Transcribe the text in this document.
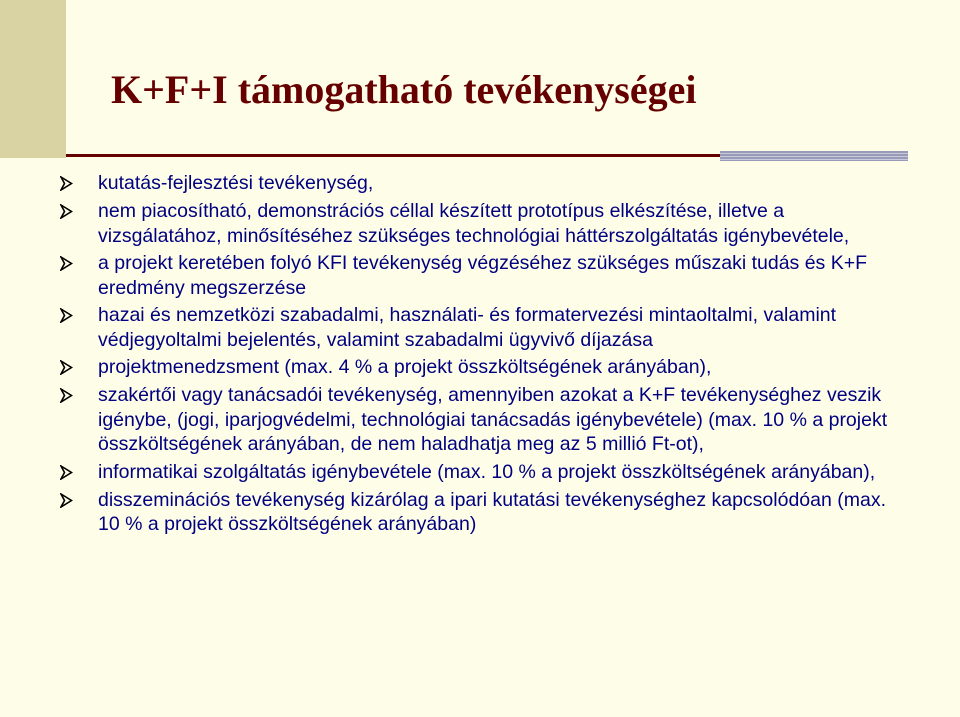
K+F+I támogatható tevékenységei
kutatás-fejlesztési tevékenység,
nem piacosítható, demonstrációs céllal készített prototípus elkészítése, illetve a vizsgálatához, minősítéséhez szükséges technológiai háttérszolgáltatás igénybevétele,
a projekt keretében folyó KFI tevékenység végzéséhez szükséges műszaki tudás és K+F eredmény megszerzése
hazai és nemzetközi szabadalmi, használati- és formatervezési mintaoltalmi, valamint védjegyoltalmi bejelentés, valamint szabadalmi ügyvivő díjazása
projektmenedzsment (max. 4 % a projekt összköltségének arányában),
szakértői vagy tanácsadói tevékenység, amennyiben azokat a K+F tevékenységhez veszik igénybe, (jogi, iparjogvédelmi, technológiai tanácsadás igénybevétele) (max. 10 % a projekt összköltségének arányában, de nem haladhatja meg az 5 millió Ft-ot),
informatikai szolgáltatás igénybevétele (max. 10 % a projekt összköltségének arányában),
disszeminációs tevékenység kizárólag a ipari kutatási tevékenységhez kapcsolódóan (max. 10 % a projekt összköltségének arányában)
